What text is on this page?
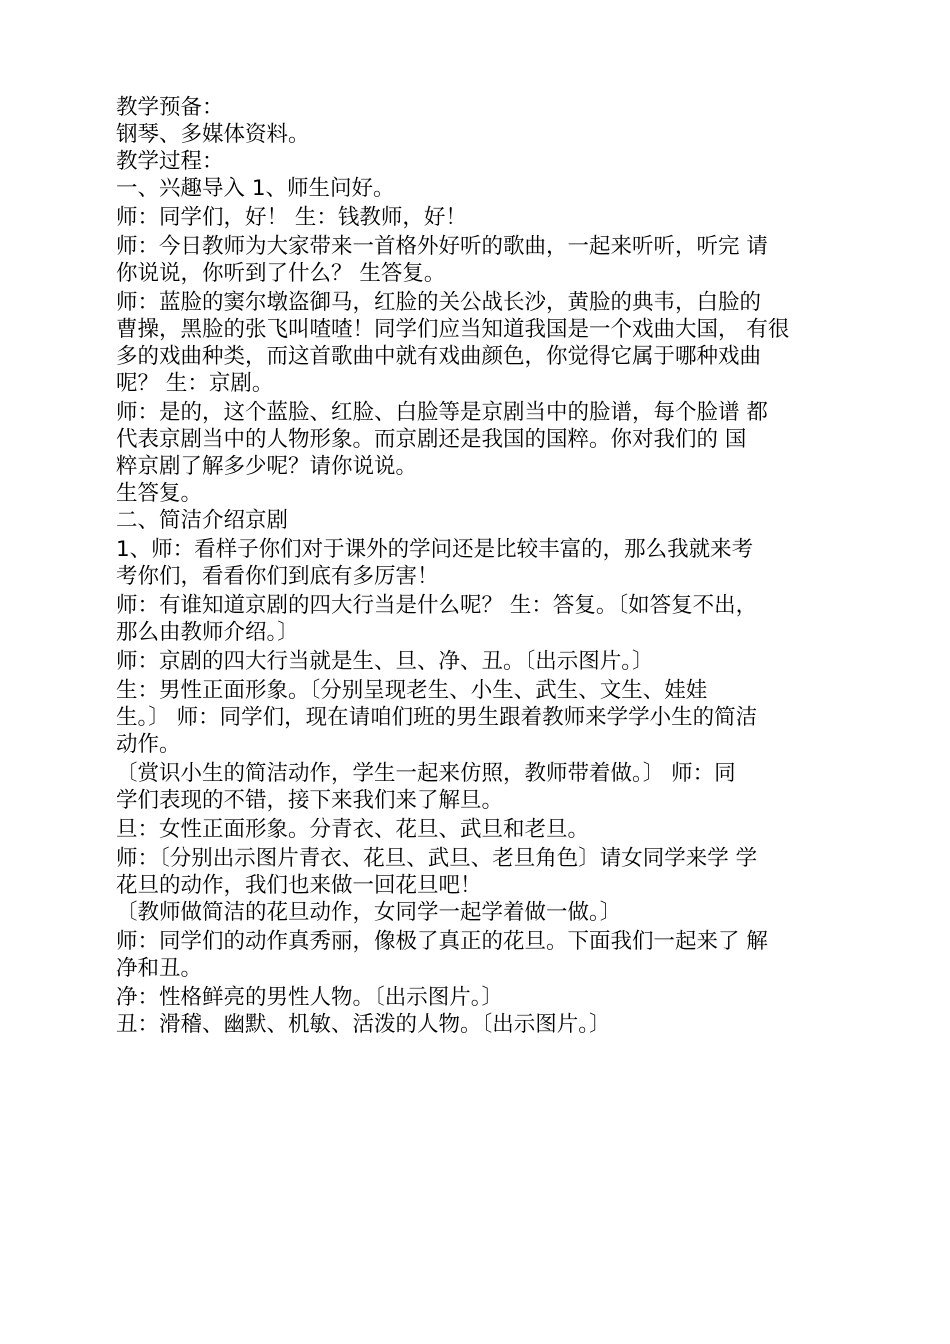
教学预备：

钢琴、多媒体资料。

教学过程：

一、兴趣导入 1、师生问好。

师：同学们，好！ 生：钱教师，好！

师：今日教师为大家带来一首格外好听的歌曲，一起来听听，听完 请

你说说，你听到了什么？ 生答复。

师：蓝脸的窦尔墩盗御马，红脸的关公战长沙，黄脸的典韦，白脸的

曹操，黑脸的张飞叫喳喳！同学们应当知道我国是一个戏曲大国， 有很

多的戏曲种类，而这首歌曲中就有戏曲颜色，你觉得它属于哪种戏曲

呢？ 生：京剧。

师：是的，这个蓝脸、红脸、白脸等是京剧当中的脸谱，每个脸谱 都

代表京剧当中的人物形象。而京剧还是我国的国粹。你对我们的 国

粹京剧了解多少呢？请你说说。

生答复。

二、简洁介绍京剧

1、师：看样子你们对于课外的学问还是比较丰富的，那么我就来考

考你们，看看你们到底有多厉害！

师：有谁知道京剧的四大行当是什么呢？ 生：答复。〔如答复不出，

那么由教师介绍。〕

师：京剧的四大行当就是生、旦、净、丑。〔出示图片。〕

生：男性正面形象。〔分别呈现老生、小生、武生、文生、娃娃

生。〕 师：同学们，现在请咱们班的男生跟着教师来学学小生的简洁

动作。

〔赏识小生的简洁动作，学生一起来仿照，教师带着做。〕 师：同

学们表现的不错，接下来我们来了解旦。

旦：女性正面形象。分青衣、花旦、武旦和老旦。

师：〔分别出示图片青衣、花旦、武旦、老旦角色〕请女同学来学 学

花旦的动作，我们也来做一回花旦吧！

〔教师做简洁的花旦动作，女同学一起学着做一做。〕

师：同学们的动作真秀丽，像极了真正的花旦。下面我们一起来了 解

净和丑。

净：性格鲜亮的男性人物。〔出示图片。〕

丑：滑稽、幽默、机敏、活泼的人物。〔出示图片。〕
